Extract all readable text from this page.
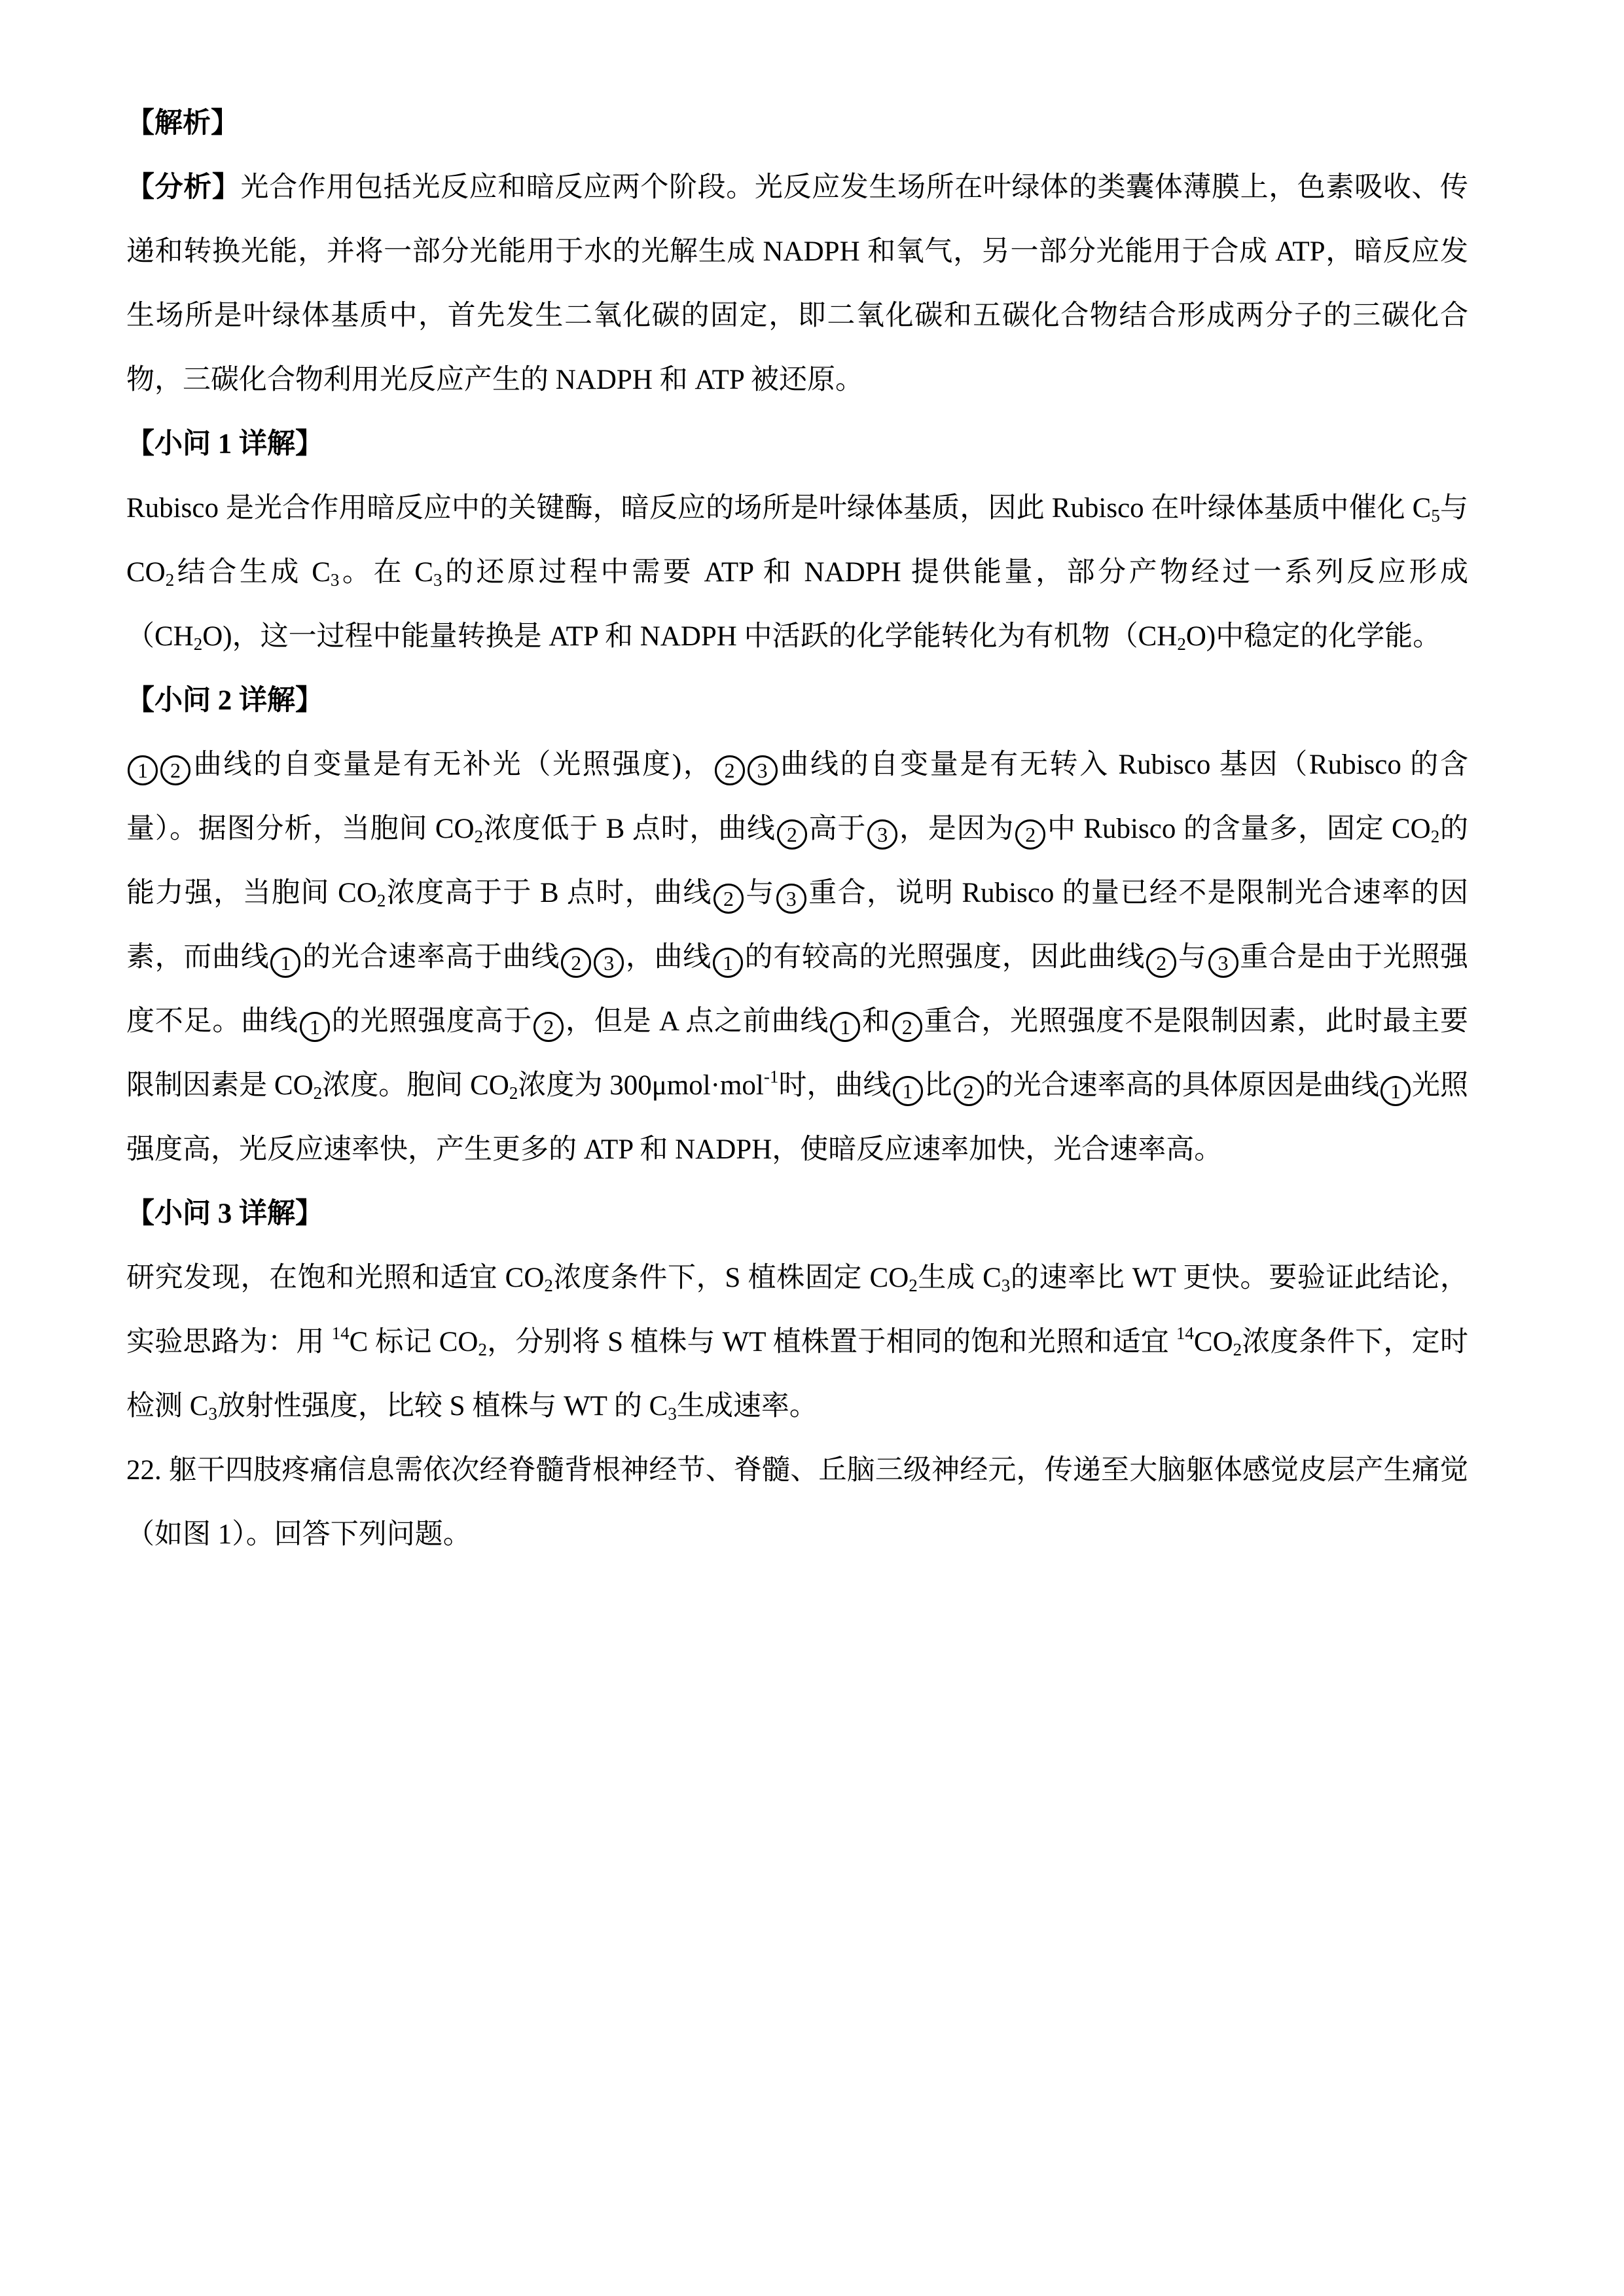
【解析】

【分析】光合作用包括光反应和暗反应两个阶段。光反应发生场所在叶绿体的类囊体薄膜上，色素吸收、传递和转换光能，并将一部分光能用于水的光解生成 NADPH 和氧气，另一部分光能用于合成 ATP，暗反应发生场所是叶绿体基质中，首先发生二氧化碳的固定，即二氧化碳和五碳化合物结合形成两分子的三碳化合物，三碳化合物利用光反应产生的 NADPH 和 ATP 被还原。

【小问 1 详解】

Rubisco 是光合作用暗反应中的关键酶，暗反应的场所是叶绿体基质，因此 Rubisco 在叶绿体基质中催化 $C_5$与 $CO_2$结合生成 $C_3$。在 $C_3$的还原过程中需要 ATP 和 NADPH 提供能量，部分产物经过一系列反应形成$(CH_2O)$，这一过程中能量转换是 ATP 和 NADPH 中活跃的化学能转化为有机物$(CH_2O)$中稳定的化学能。

【小问 2 详解】

1 2 曲线的自变量是有无补光（光照强度)， 2 3 曲线的自变量是有无转入 Rubisco 基因（Rubisco 的含量）。据图分析，当胞间 $CO_2$浓度低于 B 点时，曲线 2 高于 3 ，是因为 2 中 Rubisco 的含量多，固定 $CO_2$的能力强，当胞间 $CO_2$浓度高于于 B 点时，曲线 2 与 3 重合，说明 Rubisco 的量已经不是限制光合速率的因素，而曲线 1 的光合速率高于曲线 2 3 ，曲线 1 的有较高的光照强度，因此曲线 2 与 3 重合是由于光照强度不足。曲线 1 的光照强度高于 2 ，但是 A 点之前曲线 1 和 2 重合，光照强度不是限制因素，此时最主要限制因素是 $CO_2$浓度。胞间 $CO_2$浓度为 300μmol·mol$^{-1}$时，曲线 1 比 2 的光合速率高的具体原因是曲线 1 光照强度高，光反应速率快，产生更多的 ATP 和 NADPH，使暗反应速率加快，光合速率高。

【小问 3 详解】

研究发现，在饱和光照和适宜 $CO_2$浓度条件下，S 植株固定 $CO_2$生成 $C_3$的速率比 WT 更快。要验证此结论，实验思路为：用 $^{14}$C 标记 $CO_2$，分别将 S 植株与 WT 植株置于相同的饱和光照和适宜 $^{14}CO_2$浓度条件下，定时检测 $C_3$放射性强度，比较 S 植株与 WT 的 $C_3$生成速率。

22. 躯干四肢疼痛信息需依次经脊髓背根神经节、脊髓、丘脑三级神经元，传递至大脑躯体感觉皮层产生痛觉（如图 1）。回答下列问题。
